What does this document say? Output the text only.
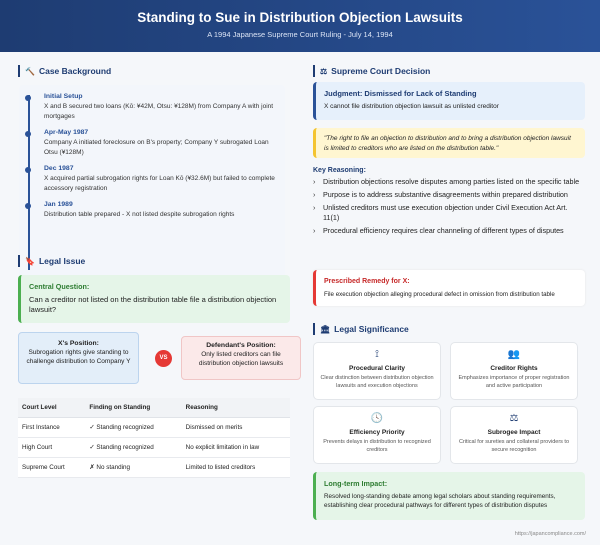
Standing to Sue in Distribution Objection Lawsuits
A 1994 Japanese Supreme Court Ruling - July 14, 1994
🔨 Case Background
Initial Setup
X and B secured two loans (Kō: ¥42M, Otsu: ¥128M) from Company A with joint mortgages
Apr-May 1987
Company A initiated foreclosure on B's property; Company Y subrogated Loan Otsu (¥128M)
Dec 1987
X acquired partial subrogation rights for Loan Kō (¥32.6M) but failed to complete accessory registration
Jan 1989
Distribution table prepared - X not listed despite subrogation rights
🔖 Legal Issue
Central Question:
Can a creditor not listed on the distribution table file a distribution objection lawsuit?
X's Position:
Subrogation rights give standing to challenge distribution to Company Y	VS
Defendant's Position:
Only listed creditors can file distribution objection lawsuits
Court Level	Finding on Standing	Reasoning
First Instance	✓ Standing recognized	Dismissed on merits
High Court	✓ Standing recognized	No explicit limitation in law
Supreme Court	✗ No standing	Limited to listed creditors
⚖ Supreme Court Decision
Judgment: Dismissed for Lack of Standing
X cannot file distribution objection lawsuit as unlisted creditor
"The right to file an objection to distribution and to bring a distribution objection lawsuit is limited to creditors who are listed on the distribution table."
Key Reasoning:
›	Distribution objections resolve disputes among parties listed on the specific table
›	Purpose is to address substantive disagreements within prepared distribution
›	Unlisted creditors must use execution objection under Civil Execution Act Art. 11(1)
›	Procedural efficiency requires clear channeling of different types of disputes
Prescribed Remedy for X:
File execution objection alleging procedural defect in omission from distribution table
🏛 Legal Significance
⟟
Procedural Clarity
Clear distinction between distribution objection lawsuits and execution objections
👥
Creditor Rights
Emphasizes importance of proper registration and active participation
🕓
Efficiency Priority
Prevents delays in distribution to recognized creditors
⚖
Subrogee Impact
Critical for sureties and collateral providers to secure recognition
Long-term Impact:
Resolved long-standing debate among legal scholars about standing requirements, establishing clear procedural pathways for different types of distribution disputes
https://japancompliance.com/
